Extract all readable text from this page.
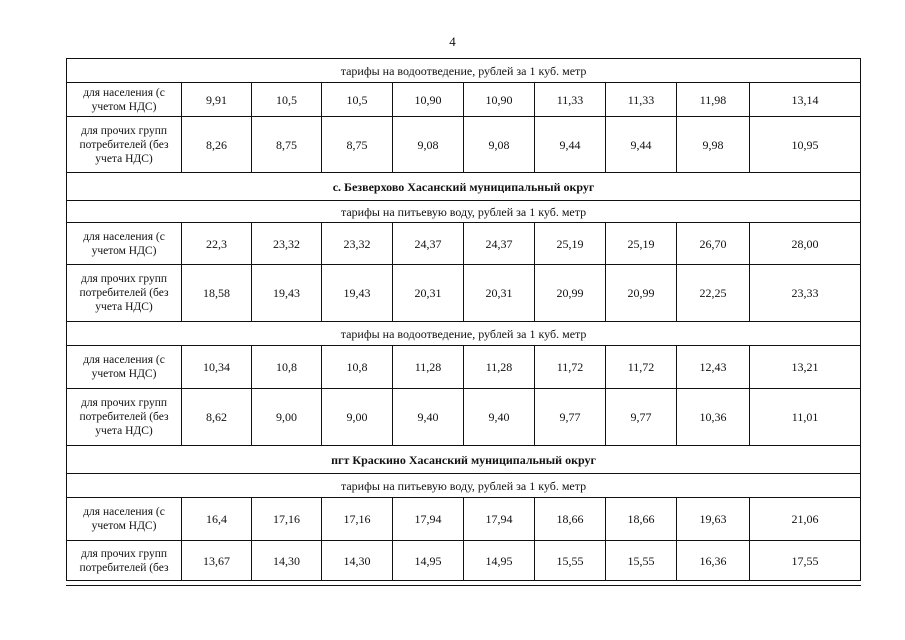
4
тарифы на водоотведение, рублей за 1 куб. метр									
для населения (с учетом НДС)	9,91	10,5	10,5	10,90	10,90	11,33	11,33	11,98	13,14
для прочих групп потребителей (без учета НДС)	8,26	8,75	8,75	9,08	9,08	9,44	9,44	9,98	10,95
с. Безверхово Хасанский муниципальный округ									
тарифы на питьевую воду, рублей за 1 куб. метр									
для населения (с учетом НДС)	22,3	23,32	23,32	24,37	24,37	25,19	25,19	26,70	28,00
для прочих групп потребителей (без учета НДС)	18,58	19,43	19,43	20,31	20,31	20,99	20,99	22,25	23,33
тарифы на водоотведение, рублей за 1 куб. метр									
для населения (с учетом НДС)	10,34	10,8	10,8	11,28	11,28	11,72	11,72	12,43	13,21
для прочих групп потребителей (без учета НДС)	8,62	9,00	9,00	9,40	9,40	9,77	9,77	10,36	11,01
пгт Краскино Хасанский муниципальный округ									
тарифы на питьевую воду, рублей за 1 куб. метр									
для населения (с учетом НДС)	16,4	17,16	17,16	17,94	17,94	18,66	18,66	19,63	21,06
для прочих групп потребителей (без	13,67	14,30	14,30	14,95	14,95	15,55	15,55	16,36	17,55
